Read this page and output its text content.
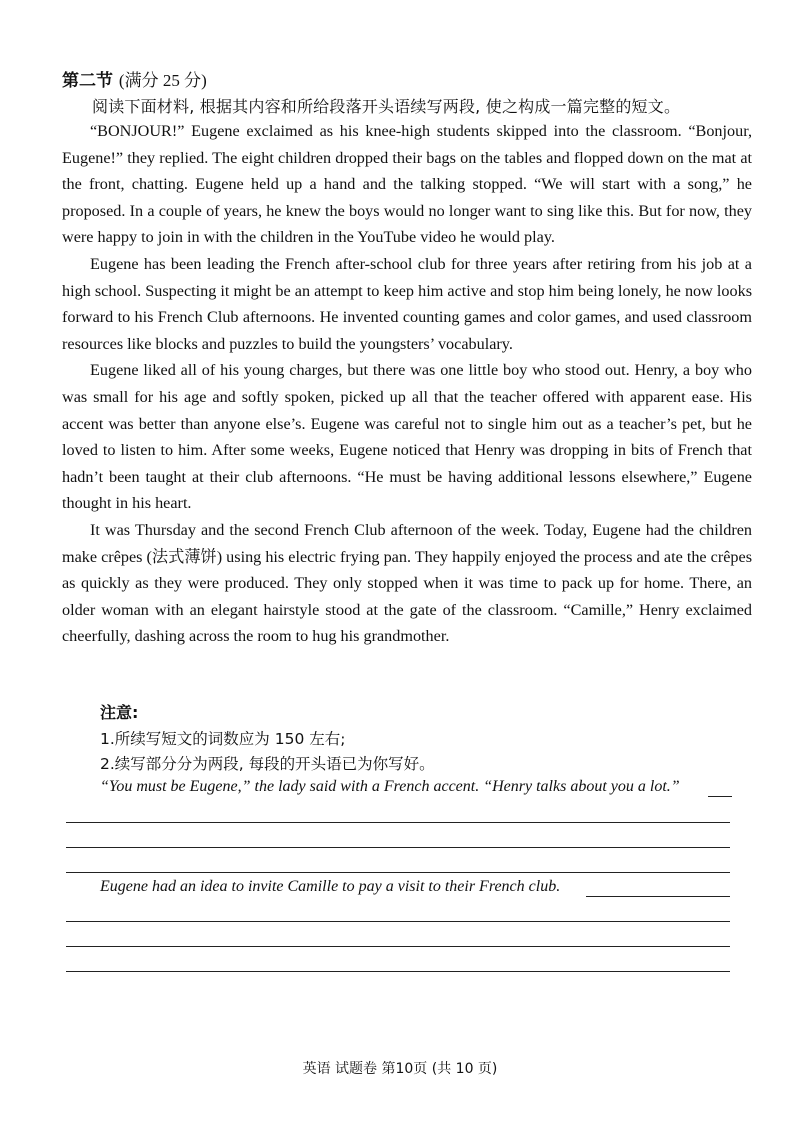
第二节 (满分 25 分)
阅读下面材料, 根据其内容和所给段落开头语续写两段, 使之构成一篇完整的短文。

“BONJOUR!” Eugene exclaimed as his knee-high students skipped into the classroom. “Bonjour, Eugene!” they replied. The eight children dropped their bags on the tables and flopped down on the mat at the front, chatting. Eugene held up a hand and the talking stopped. “We will start with a song,” he proposed. In a couple of years, he knew the boys would no longer want to sing like this. But for now, they were happy to join in with the children in the YouTube video he would play.

Eugene has been leading the French after-school club for three years after retiring from his job at a high school. Suspecting it might be an attempt to keep him active and stop him being lonely, he now looks forward to his French Club afternoons. He invented counting games and color games, and used classroom resources like blocks and puzzles to build the youngsters’ vocabulary.

Eugene liked all of his young charges, but there was one little boy who stood out. Henry, a boy who was small for his age and softly spoken, picked up all that the teacher offered with apparent ease. His accent was better than anyone else’s. Eugene was careful not to single him out as a teacher’s pet, but he loved to listen to him. After some weeks, Eugene noticed that Henry was dropping in bits of French that hadn’t been taught at their club afternoons. “He must be having additional lessons elsewhere,” Eugene thought in his heart.

It was Thursday and the second French Club afternoon of the week. Today, Eugene had the children make crêpes (法式薄饼) using his electric frying pan. They happily enjoyed the process and ate the crêpes as quickly as they were produced. They only stopped when it was time to pack up for home. There, an older woman with an elegant hairstyle stood at the gate of the classroom. “Camille,” Henry exclaimed cheerfully, dashing across the room to hug his grandmother.

注意:
1.所续写短文的词数应为 150 左右;
2.续写部分分为两段, 每段的开头语已为你写好。
“You must be Eugene,” the lady said with a French accent. “Henry talks about you a lot.”
Eugene had an idea to invite Camille to pay a visit to their French club.
英语 试题卷 第10页 (共 10 页)
